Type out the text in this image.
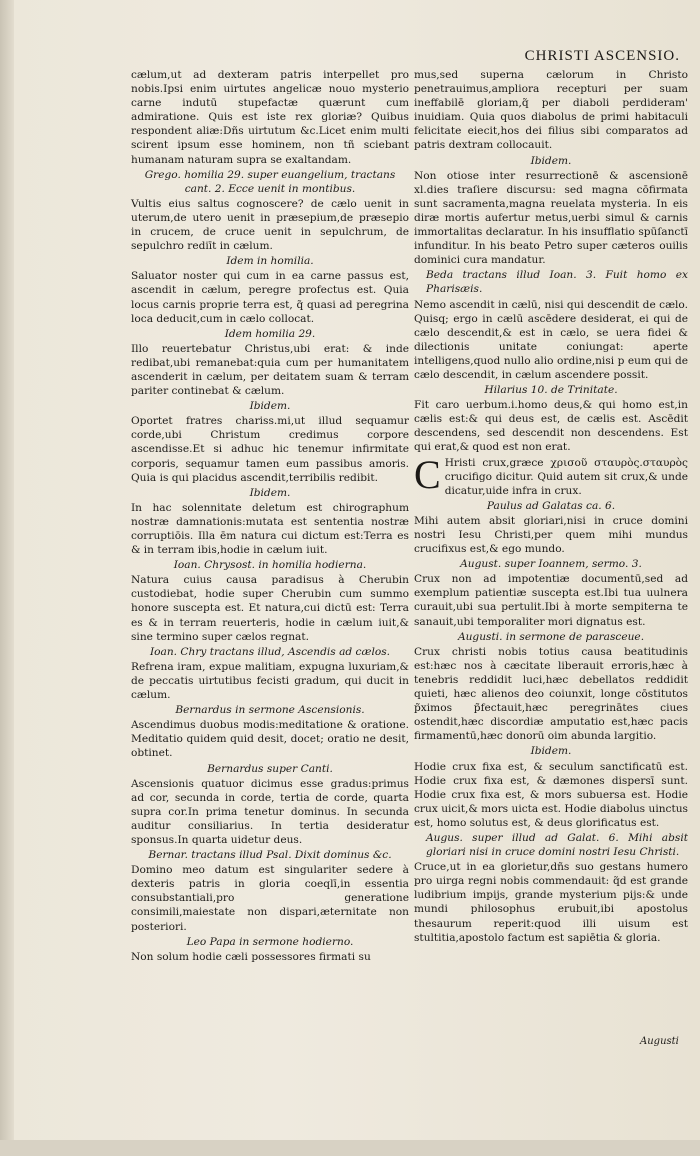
CHRISTI ASCENSIO.

cælum,ut ad dexteram patris interpellet pro nobis.Ipsi enim uirtutes angelicæ nouo mysterio carne indutū stupefactæ quærunt cum admiratione. Quis est iste rex gloriæ? Quibus respondent aliæ:Dñs uirtutum &c.Licet enim multi scirent ipsum esse hominem, non tñ sciebant humanam naturam supra se exaltandam.

Grego. homilia 29. super euangelium, tractans cant. 2. Ecce uenit in montibus.

Vultis eius saltus cognoscere? de cælo uenit in uterum,de utero uenit in præsepium,de præsepio in crucem, de cruce uenit in sepulchrum, de sepulchro rediīt in cælum.

Idem in homilia.

Saluator noster qui cum in ea carne passus est, ascendit in cælum, peregre profectus est. Quia locus carnis proprie terra est, q̃ quasi ad peregrina loca deducit,cum in cælo collocat.

Idem homilia 29.

Illo reuertebatur Christus,ubi erat: & inde redibat,ubi remanebat:quia cum per humanitatem ascenderit in cælum, per deitatem suam & terram pariter continebat & cælum.

Ibidem.

Oportet fratres chariss.mi,ut illud sequamur corde,ubi Christum credimus corpore ascendisse.Et si adhuc hic tenemur infirmitate corporis, sequamur tamen eum passibus amoris. Quia is qui placidus ascendit,terribilis redibit.

Ibidem.

In hac solennitate deletum est chirographum nostræ damnationis:mutata est sententia nostræ corruptiōis. Illa ēm natura cui dictum est:Terra es & in terram ibis,hodie in cælum iuit.

Ioan. Chrysost. in homilia hodierna.

Natura cuius causa paradisus à Cherubin custodiebat, hodie super Cherubin cum summo honore suscepta est. Et natura,cui dictū est: Terra es & in terram reuerteris, hodie in cælum iuit,& sine termino super cælos regnat.

Ioan. Chry tractans illud, Ascendis ad cælos.

Refrena iram, expue malitiam, expugna luxuriam,& de peccatis uirtutibus fecisti gradum, qui ducit in cælum.

Bernardus in sermone Ascensionis.

Ascendimus duobus modis:meditatione & oratione. Meditatio quidem quid desit, docet; oratio ne desit, obtinet.

Bernardus super Canti.

Ascensionis quatuor dicimus esse gradus:primus ad cor, secunda in corde, tertia de corde, quarta supra cor.In prima tenetur dominus. In secunda auditur consiliarius. In tertia desideratur sponsus.In quarta uidetur deus.

Bernar. tractans illud Psal. Dixit dominus &c.

Domino meo datum est singulariter sedere à dexteris patris in gloria coeqlī,in essentia consubstantiali,pro generatione consimili,maiestate non dispari,æternitate non posteriori.

Leo Papa in sermone hodierno.

Non solum hodie cæli possessores firmati su

mus,sed superna cælorum in Christo penetrauimus,ampliora recepturi per suam ineffabilē gloriam,q̃ per diaboli perdideram' inuidiam. Quia quos diabolus de primi habitaculi felicitate eiecit,hos dei filius sibi comparatos ad patris dextram collocauit.

Ibidem.

Non otiose inter resurrectionē & ascensionē xl.dies traſiere discursu: sed magna cōfirmata sunt sacramenta,magna reuelata mysteria. In eis diræ mortis aufertur metus,uerbi simul & carnis immortalitas declaratur. In his insufflatio spūſanctī infunditur. In his beato Petro super cæteros ouilis dominici cura mandatur.

Beda tractans illud Ioan. 3. Fuit homo ex Pharisæis.

Nemo ascendit in cælū, nisi qui descendit de cælo. Quisq; ergo in cælū ascēdere desiderat, ei qui de cælo descendit,& est in cælo, se uera fidei & dilectionis unitate coniungat: aperte intelligens,quod nullo alio ordine,nisi p eum qui de cælo descendit, in cælum ascendere possit.

Hilarius 10. de Trinitate.

Fit caro uerbum.i.homo deus,& qui homo est,in cælis est:& qui deus est, de cælis est. Ascēdit descendens, sed descendit non descendens. Est qui erat,& quod est non erat.

C Hristi crux,græce χρισοῦ σταυρὸς.σταυρὸς crucifigo dicitur. Quid autem sit crux,& unde dicatur,uide infra in crux.

Paulus ad Galatas ca. 6.

Mihi autem absit gloriari,nisi in cruce domini nostri Iesu Christi,per quem mihi mundus crucifixus est,& ego mundo.

August. super Ioannem, sermo. 3.

Crux non ad impotentiæ documentū,sed ad exemplum patientiæ suscepta est.Ibi tua uulnera curauit,ubi sua pertulit.Ibi à morte sempiterna te sanauit,ubi temporaliter mori dignatus est.

Augusti. in sermone de parasceue.

Crux christi nobis totius causa beatitudinis est:hæc nos à cæcitate liberauit erroris,hæc à tenebris reddidit luci,hæc debellatos reddidit quieti, hæc alienos deo coiunxit, longe cōstitutos p̃ximos p̃fectauit,hæc peregrinātes ciues ostendit,hæc discordiæ amputatio est,hæc pacis firmamentū,hæc donorū oim abunda largitio.

Ibidem.

Hodie crux fixa est, & seculum sanctificatū est. Hodie crux fixa est, & dæmones dispersī sunt. Hodie crux fixa est, & mors subuersa est. Hodie crux uicit,& mors uicta est. Hodie diabolus uinctus est, homo solutus est, & deus glorificatus est.

Augus. super illud ad Galat. 6. Mihi absit gloriari nisi in cruce domini nostri Iesu Christi.

Cruce,ut in ea glorietur,dñs suo gestans humero pro uirga regni nobis commendauit: q̃d est grande ludibrium impijs, grande mysterium pijs:& unde mundi philosophus erubuit,ibi apostolus thesaurum reperit:quod illi uisum est stultitia,apostolo factum est sapiētia & gloria.

Augusti
